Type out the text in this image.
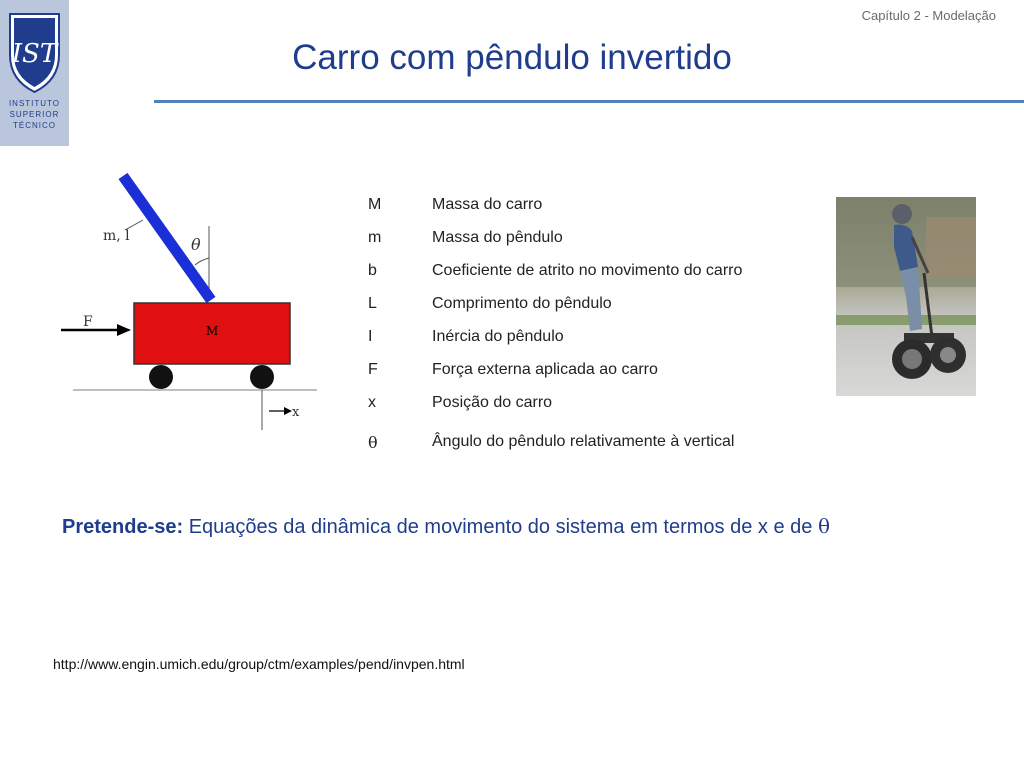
IST
INSTITUTO
SUPERIOR
TÉCNICO
Capítulo 2 - Modelação
Carro com pêndulo invertido
m, l	θ
F
M
x
M	Massa do carro
m	Massa do pêndulo
b	Coeficiente de atrito no movimento do carro
L	Comprimento do pêndulo
I	Inércia do pêndulo
F	Força externa aplicada ao carro
x	Posição do carro
θ	Ângulo do pêndulo relativamente à vertical
Pretende-se: Equações da dinâmica de movimento do sistema em termos de x e de θ
http://www.engin.umich.edu/group/ctm/examples/pend/invpen.html
